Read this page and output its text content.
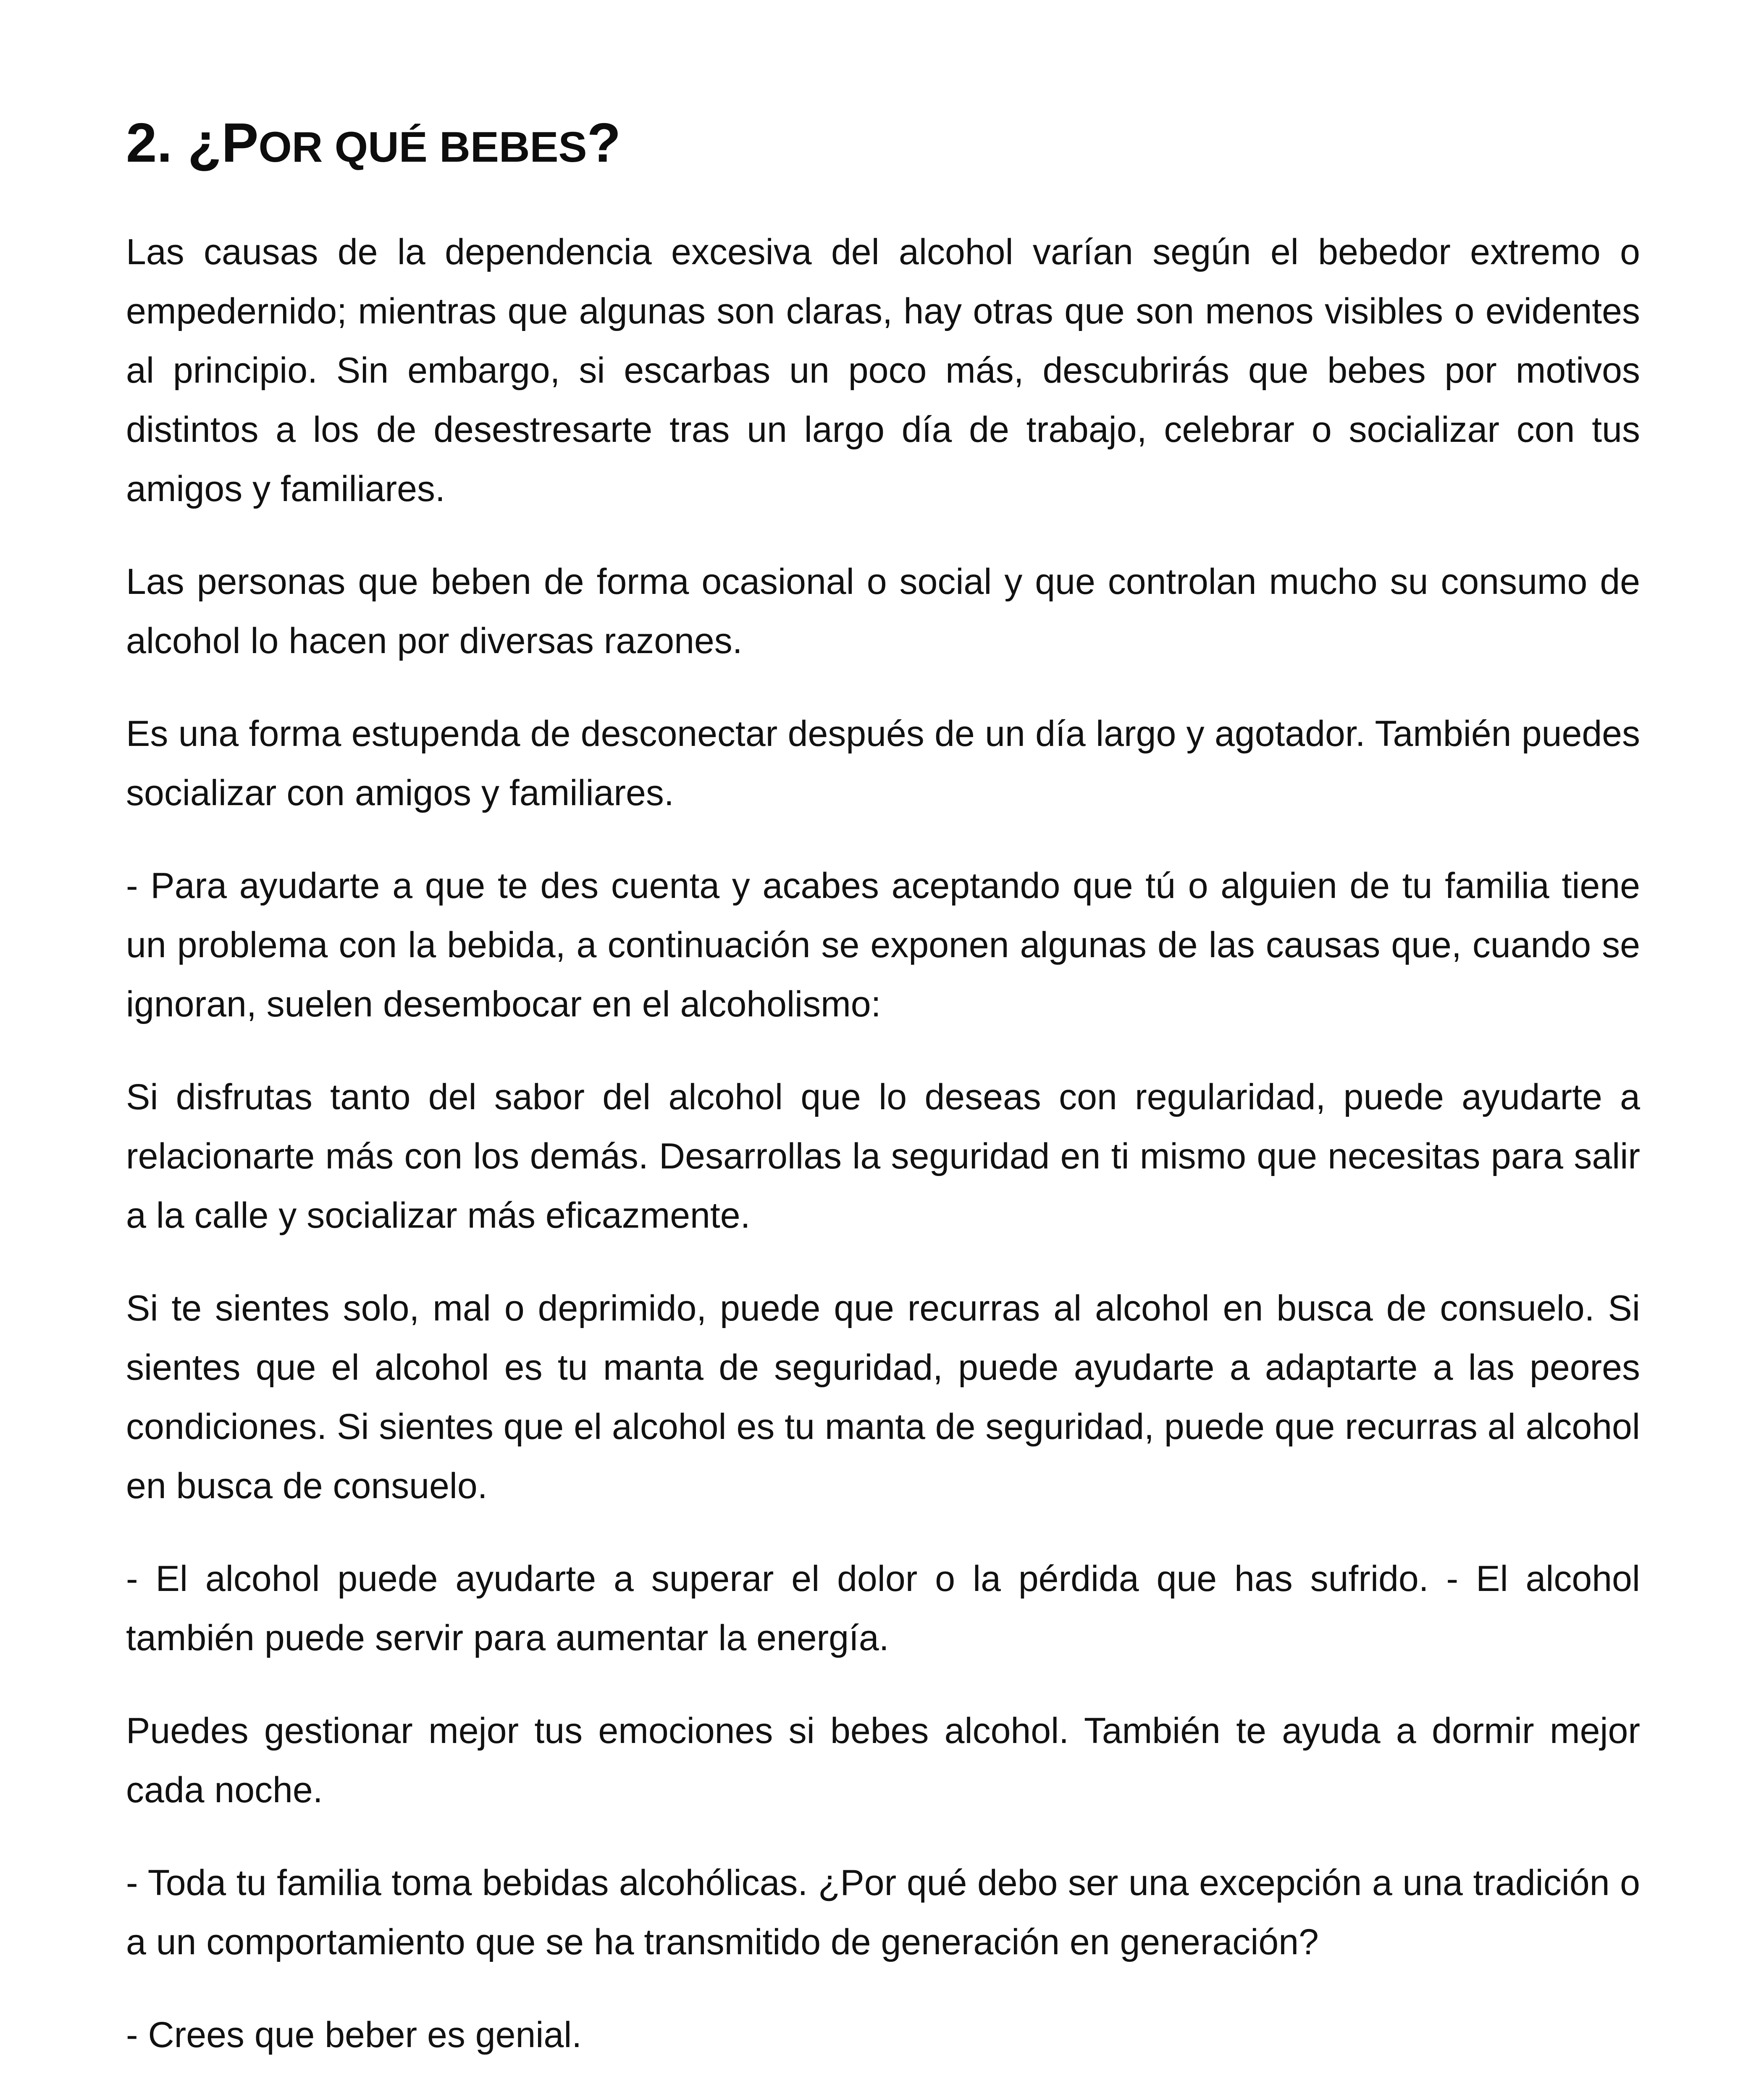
2. ¿POR QUÉ BEBES?

Las causas de la dependencia excesiva del alcohol varían según el bebedor extremo o empedernido; mientras que algunas son claras, hay otras que son menos visibles o evidentes al principio. Sin embargo, si escarbas un poco más, descubrirás que bebes por motivos distintos a los de desestresarte tras un largo día de trabajo, celebrar o socializar con tus amigos y familiares.

Las personas que beben de forma ocasional o social y que controlan mucho su consumo de alcohol lo hacen por diversas razones.

Es una forma estupenda de desconectar después de un día largo y agotador. También puedes socializar con amigos y familiares.

- Para ayudarte a que te des cuenta y acabes aceptando que tú o alguien de tu familia tiene un problema con la bebida, a continuación se exponen algunas de las causas que, cuando se ignoran, suelen desembocar en el alcoholismo:

Si disfrutas tanto del sabor del alcohol que lo deseas con regularidad, puede ayudarte a relacionarte más con los demás. Desarrollas la seguridad en ti mismo que necesitas para salir a la calle y socializar más eficazmente.

Si te sientes solo, mal o deprimido, puede que recurras al alcohol en busca de consuelo. Si sientes que el alcohol es tu manta de seguridad, puede ayudarte a adaptarte a las peores condiciones. Si sientes que el alcohol es tu manta de seguridad, puede que recurras al alcohol en busca de consuelo.

- El alcohol puede ayudarte a superar el dolor o la pérdida que has sufrido. - El alcohol también puede servir para aumentar la energía.

Puedes gestionar mejor tus emociones si bebes alcohol. También te ayuda a dormir mejor cada noche.

- Toda tu familia toma bebidas alcohólicas. ¿Por qué debo ser una excepción a una tradición o a un comportamiento que se ha transmitido de generación en generación?

- Crees que beber es genial.
